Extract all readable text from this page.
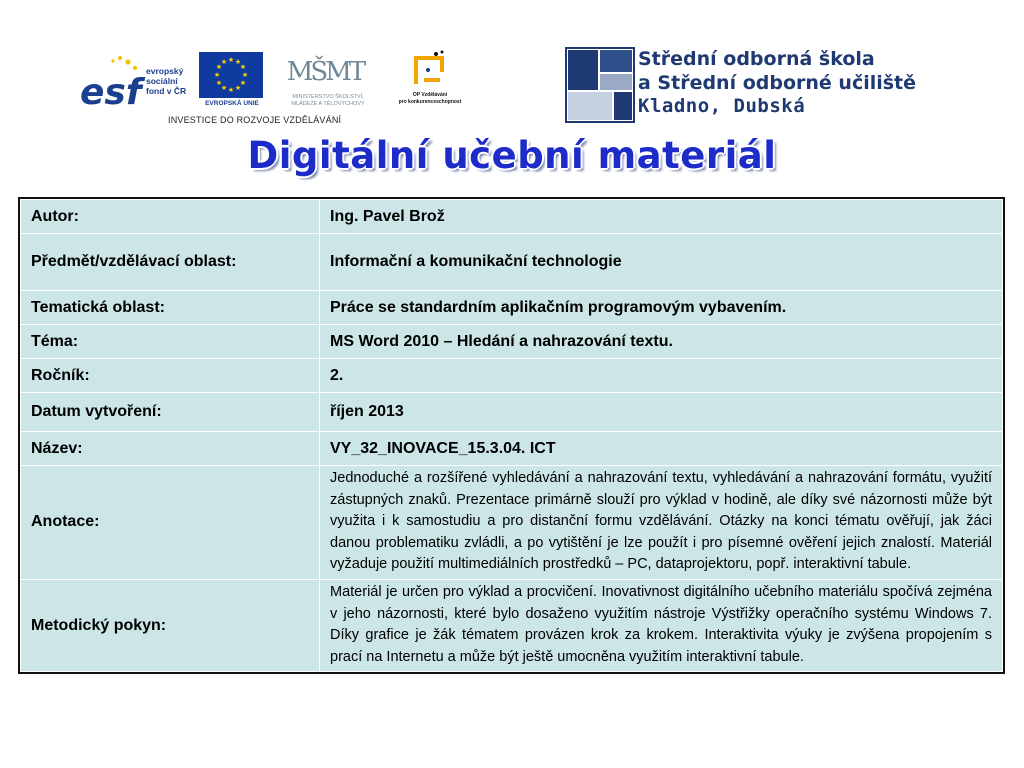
esf
evropský
sociální
fond v ČR
★ ★
★
★
★
★
★
★
★
★
★
★
EVROPSKÁ UNIE
MŠMT
MINISTERSTVO ŠKOLSTVÍ,
MLÁDEŽE A TĚLOVÝCHOVY
OP Vzdělávání
pro konkurenceschopnost
INVESTICE DO ROZVOJE VZDĚLÁVÁNÍ
Střední odborná škola
a Střední odborné učiliště
Kladno, Dubská
Digitální učební materiál
Autor:	Ing. Pavel Brož
Předmět/vzdělávací oblast:	Informační a komunikační technologie
Tematická oblast:	Práce se standardním aplikačním programovým vybavením.
Téma:	MS Word 2010 – Hledání a nahrazování textu.
Ročník:	2.
Datum vytvoření:	říjen 2013
Název:	VY_32_INOVACE_15.3.04. ICT
Anotace:	Jednoduché a rozšířené vyhledávání a nahrazování textu, vyhledávání a nahrazování formátu, využití zástupných znaků. Prezentace primárně slouží pro výklad v hodině, ale díky své názornosti může být využita i k samostudiu a pro distanční formu vzdělávání. Otázky na konci tématu ověřují, jak žáci danou problematiku zvládli, a po vytištění je lze použít i pro písemné ověření jejich znalostí. Materiál vyžaduje použití multimediálních prostředků – PC, dataprojektoru, popř. interaktivní tabule.
Metodický pokyn:	Materiál je určen pro výklad a procvičení. Inovativnost digitálního učebního materiálu spočívá zejména v jeho názornosti, které bylo dosaženo využitím nástroje Výstřižky operačního systému Windows 7. Díky grafice je žák tématem provázen krok za krokem. Interaktivita výuky je zvýšena propojením s prací na Internetu a může být ještě umocněna využitím interaktivní tabule.
